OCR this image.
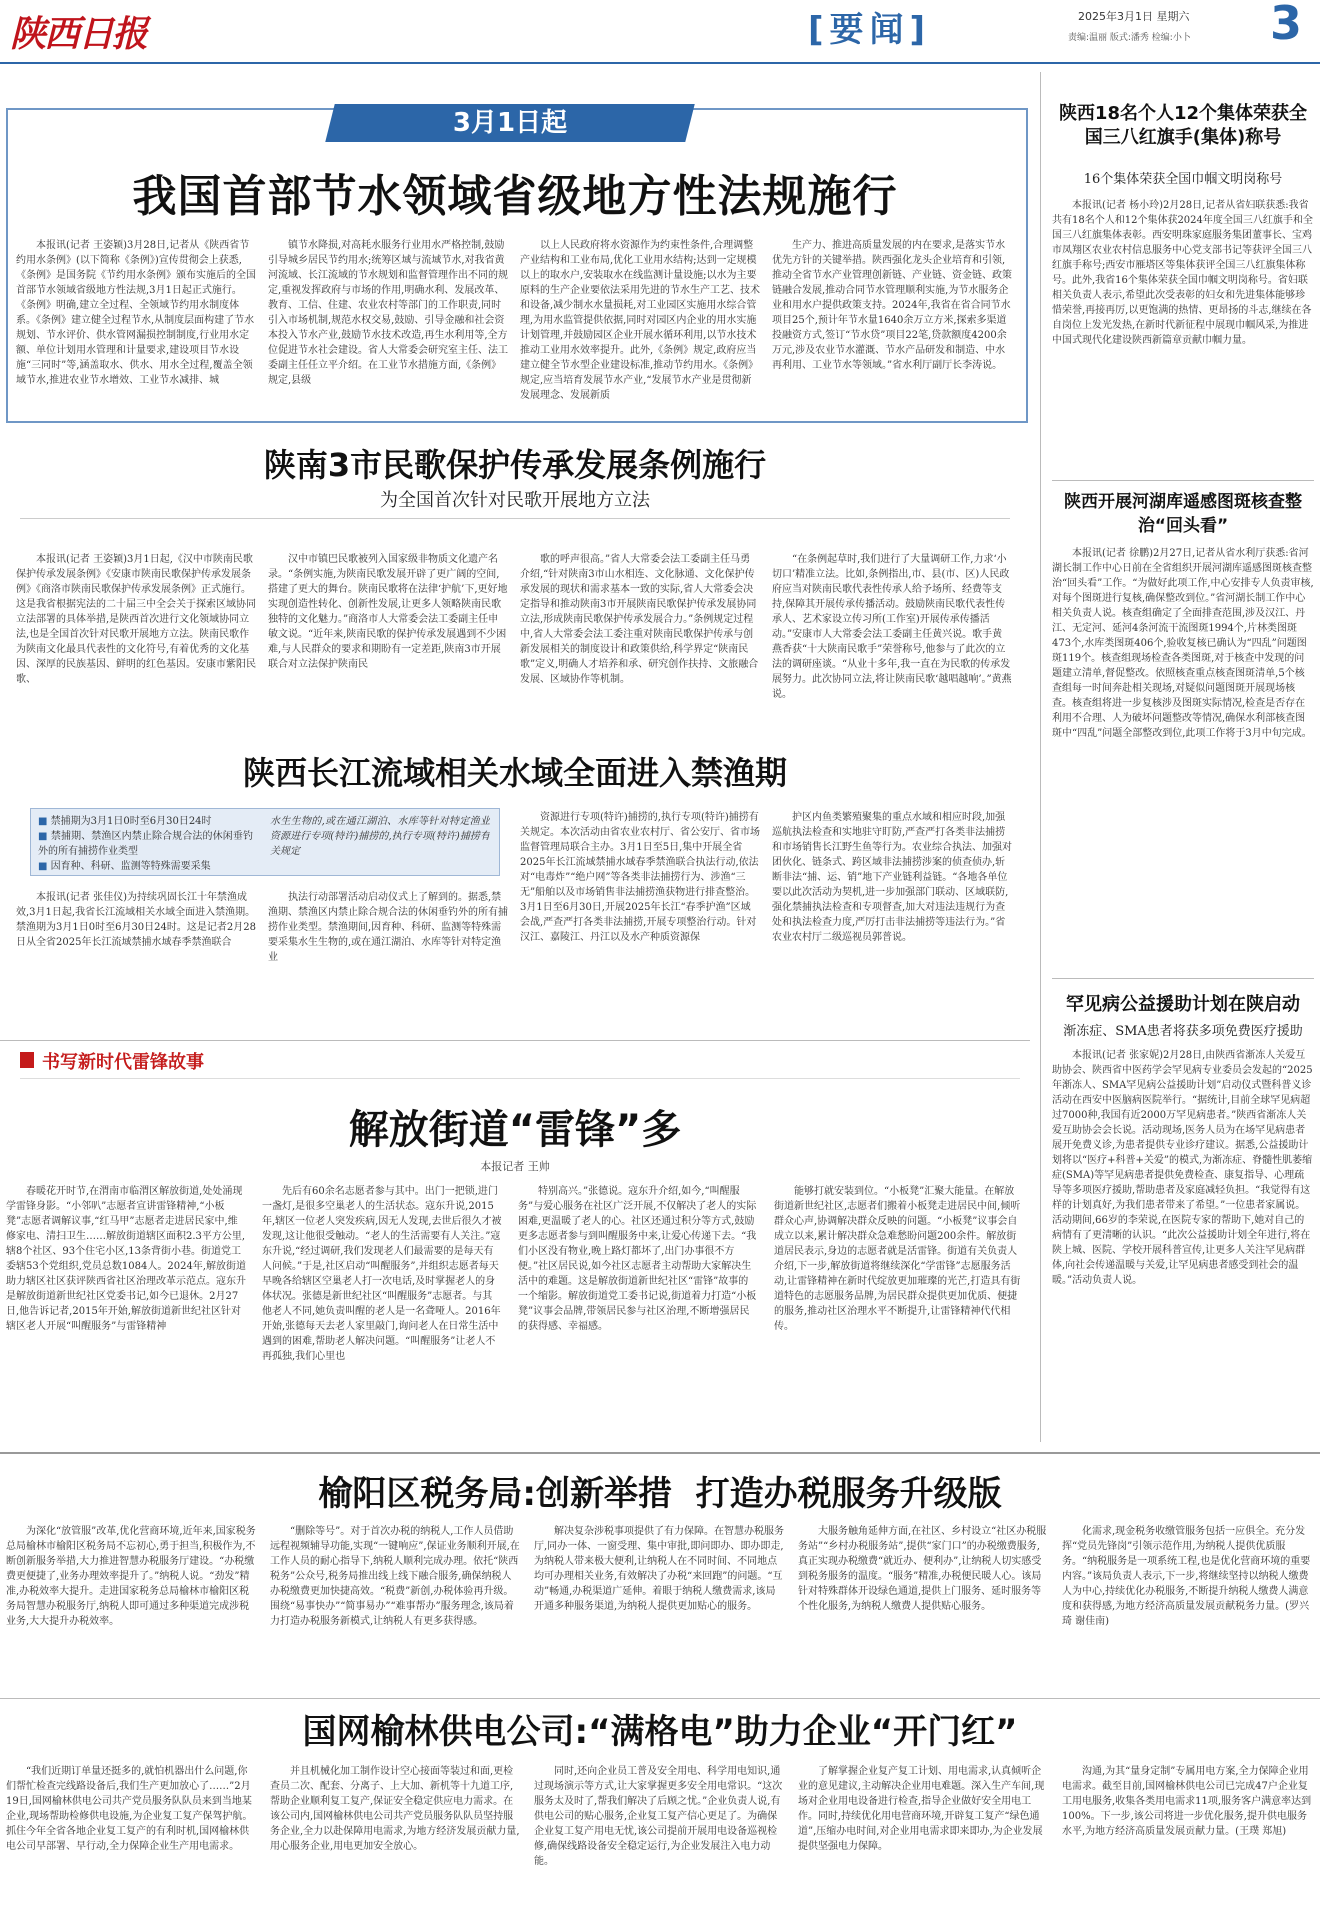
陕西日报	[要闻]	2025年3月1日 星期六
责编:温丽 版式:潘秀 检编:小卜 3
3月1日起
我国首部节水领域省级地方性法规施行
本报讯(记者 王姿颖)3月28日,记者从《陕西省节约用水条例》(以下简称《条例》)宣传贯彻会上获悉,《条例》是国务院《节约用水条例》颁布实施后的全国首部节水领域省级地方性法规,3月1日起正式施行。《条例》明确,建立全过程、全领域节约用水制度体系。《条例》建立健全过程节水,从制度层面构建了节水规划、节水评价、供水管网漏损控制制度,行业用水定额、单位计划用水管理和计量要求,建设项目节水设施“三同时”等,涵盖取水、供水、用水全过程,覆盖全领域节水,推进农业节水增效、工业节水减排、城
镇节水降损,对高耗水服务行业用水严格控制,鼓励引导城乡居民节约用水;统筹区域与流域节水,对我省黄河流域、长江流域的节水规划和监督管理作出不同的规定,重视发挥政府与市场的作用,明确水利、发展改革、教育、工信、住建、农业农村等部门的工作职责,同时引入市场机制,规范水权交易,鼓励、引导金融和社会资本投入节水产业,鼓励节水技术改造,再生水利用等,全方位促进节水社会建设。省人大常委会研究室主任、法工委副主任任立平介绍。在工业节水措施方面,《条例》规定,县级
以上人民政府将水资源作为约束性条件,合理调整产业结构和工业布局,优化工业用水结构;达到一定规模以上的取水户,安装取水在线监测计量设施;以水为主要原料的生产企业要依法采用先进的节水生产工艺、技术和设备,减少制水水量损耗,对工业园区实施用水综合管理,为用水监管提供依据,同时对园区内企业的用水实施计划管理,并鼓励园区企业开展水循环利用,以节水技术推动工业用水效率提升。此外,《条例》规定,政府应当建立健全节水型企业建设标准,推动节约用水。《条例》规定,应当培育发展节水产业,“发展节水产业是贯彻新发展理念、发展新质
生产力、推进高质量发展的内在要求,是落实节水优先方针的关键举措。陕西强化龙头企业培育和引领,推动全省节水产业管理创新链、产业链、资金链、政策链融合发展,推动合同节水管理顺利实施,为节水服务企业和用水户提供政策支持。2024年,我省在省合同节水项目25个,预计年节水量1640余万立方米,探索多渠道投融资方式,签订“节水贷”项目22笔,贷款额度4200余万元,涉及农业节水灌溉、节水产品研发和制造、中水再利用、工业节水等领域。”省水利厅副厅长李涛说。
陕南3市民歌保护传承发展条例施行
为全国首次针对民歌开展地方立法
本报讯(记者 王姿颖)3月1日起,《汉中市陕南民歌保护传承发展条例》《安康市陕南民歌保护传承发展条例》《商洛市陕南民歌保护传承发展条例》正式施行。这是我省根据宪法的二十届三中全会关于探索区域协同立法部署的具体举措,是陕西首次进行文化领域协同立法,也是全国首次针对民歌开展地方立法。陕南民歌作为陕南文化最具代表性的文化符号,有着优秀的文化基因、深厚的民族基因、鲜明的红色基因。安康市紫阳民歌、
汉中市镇巴民歌被列入国家级非物质文化遗产名录。“条例实施,为陕南民歌发展开辟了更广阔的空间,搭建了更大的舞台。陕南民歌将在法律‘护航’下,更好地实现创造性转化、创新性发展,让更多人领略陕南民歌独特的文化魅力。”商洛市人大常委会法工委副主任申敏文说。“近年来,陕南民歌的保护传承发展遇到不少困难,与人民群众的要求和期盼有一定差距,陕南3市开展联合对立法保护陕南民
歌的呼声很高。”省人大常委会法工委副主任马勇介绍,“针对陕南3市山水相连、文化脉通、文化保护传承发展的现状和需求基本一致的实际,省人大常委会决定指导和推动陕南3市开展陕南民歌保护传承发展协同立法,形成陕南民歌保护传承发展合力。”条例规定过程中,省人大常委会法工委注重对陕南民歌保护传承与创新发展相关的制度设计和政策供给,科学界定“陕南民歌”定义,明确人才培养和承、研究创作扶持、文旅融合发展、区域协作等机制。
“在条例起草时,我们进行了大量调研工作,力求‘小切口’精准立法。比如,条例指出,市、县(市、区)人民政府应当对陕南民歌代表性传承人给予场所、经费等支持,保障其开展传承传播活动。鼓励陕南民歌代表性传承人、艺术家设立传习所(工作室)开展传承传播活动。”安康市人大常委会法工委副主任黄兴说。歌手黄燕香获“十大陕南民歌手”荣誉称号,他参与了此次的立法的调研座谈。“从业十多年,我一直在为民歌的传承发展努力。此次协同立法,将让陕南民歌‘越唱越响’。”黄燕说。
陕西长江流域相关水域全面进入禁渔期
■ 禁捕期为3月1日0时至6月30日24时
■ 禁捕期、禁渔区内禁止除合规合法的休闲垂钓外的所有捕捞作业类型
■ 因育种、科研、监测等特殊需要采集
水生生物的,或在通江湖泊、水库等针对特定渔业资源进行专项(特许)捕捞的,执行专项(特许)捕捞有关规定
本报讯(记者 张佳仪)为持续巩固长江十年禁渔成效,3月1日起,我省长江流域相关水域全面进入禁渔期。禁渔期为3月1日0时至6月30日24时。这是记者2月28日从全省2025年长江流域禁捕水域春季禁渔联合
执法行动部署活动启动仪式上了解到的。据悉,禁渔期、禁渔区内禁止除合规合法的休闲垂钓外的所有捕捞作业类型。禁渔期间,因育种、科研、监测等特殊需要采集水生生物的,或在通江湖泊、水库等针对特定渔业
资源进行专项(特许)捕捞的,执行专项(特许)捕捞有关规定。本次活动由省农业农村厅、省公安厅、省市场监督管理局联合主办。3月1日至5日,集中开展全省2025年长江流域禁捕水域春季禁渔联合执法行动,依法对“电毒炸”“绝户网”等各类非法捕捞行为、涉渔“三无”船舶以及市场销售非法捕捞渔获物进行排查整治。3月1日至6月30日,开展2025年长江“春季护渔”区域会战,严查严打各类非法捕捞,开展专项整治行动。针对汉江、嘉陵江、丹江以及水产种质资源保
护区内鱼类繁殖聚集的重点水域和相应时段,加强巡航执法检查和实地驻守盯防,严查严打各类非法捕捞和市场销售长江野生鱼等行为。农业综合执法、加强对团伙化、链条式、跨区域非法捕捞涉案的侦查侦办,斩断非法“捕、运、销”地下产业链利益链。“各地各单位要以此次活动为契机,进一步加强部门联动、区域联防,强化禁捕执法检查和专项督查,加大对违法违规行为查处和执法检查力度,严厉打击非法捕捞等违法行为。”省农业农村厅二级巡视员郭普说。
书写新时代雷锋故事
解放街道“雷锋”多
本报记者 王帅
春暖花开时节,在渭南市临渭区解放街道,处处涌现学雷锋身影。“小邻叭”志愿者宣讲雷锋精神,“小板凳”志愿者调解议事,“红马甲”志愿者走进居民家中,维修家电、清扫卫生……解放街道辖区面积2.3平方公里,辖8个社区、93个住宅小区,13条背街小巷。街道党工委辖53个党组织,党员总数1084人。2024年,解放街道助力辖区社区获评陕西省社区治理改革示范点。寇东升是解放街道新世纪社区党委书记,如今已退休。2月27日,他告诉记者,2015年开始,解放街道新世纪社区针对辖区老人开展“叫醒服务”与雷锋精神
先后有60余名志愿者参与其中。出门一把锁,进门一盏灯,是很多空巢老人的生活状态。寇东升说,2015年,辖区一位老人突发疾病,因无人发现,去世后很久才被发现,这让他很受触动。“老人的生活需要有人关注。”寇东升说,“经过调研,我们发现老人们最需要的是每天有人问候。”于是,社区启动“叫醒服务”,并组织志愿者每天早晚各给辖区空巢老人打一次电话,及时掌握老人的身体状况。张德是新世纪社区“叫醒服务”志愿者。与其他老人不同,她负责叫醒的老人是一名聋哑人。2016年开始,张德每天去老人家里敲门,询问老人在日常生活中遇到的困难,帮助老人解决问题。“叫醒服务”让老人不再孤独,我们心里也
特别高兴。”张德说。寇东升介绍,如今,“叫醒服务”与爱心服务在社区广泛开展,不仅解决了老人的实际困难,更温暖了老人的心。社区还通过积分等方式,鼓励更多志愿者参与到叫醒服务中来,让爱心传递下去。“我们小区没有物业,晚上路灯都坏了,出门办事很不方便。”社区居民说,如今社区志愿者主动帮助大家解决生活中的难题。这是解放街道新世纪社区“雷锋”故事的一个缩影。解放街道党工委书记说,街道着力打造“小板凳”议事会品牌,带领居民参与社区治理,不断增强居民的获得感、幸福感。
能够打就安装到位。“小板凳”汇聚大能量。在解放街道新世纪社区,志愿者们搬着小板凳走进居民中间,倾听群众心声,协调解决群众反映的问题。“小板凳”议事会自成立以来,累计解决群众急难愁盼问题200余件。解放街道居民表示,身边的志愿者就是活雷锋。街道有关负责人介绍,下一步,解放街道将继续深化“学雷锋”志愿服务活动,让雷锋精神在新时代绽放更加璀璨的光芒,打造具有街道特色的志愿服务品牌,为居民群众提供更加优质、便捷的服务,推动社区治理水平不断提升,让雷锋精神代代相传。
陕西18名个人12个集体荣获全国三八红旗手(集体)称号
16个集体荣获全国巾帼文明岗称号
本报讯(记者 杨小玲)2月28日,记者从省妇联获悉:我省共有18名个人和12个集体获2024年度全国三八红旗手和全国三八红旗集体表彰。西安明珠家庭服务集团董事长、宝鸡市凤翔区农业农村信息服务中心党支部书记等获评全国三八红旗手称号;西安市雁塔区等集体获评全国三八红旗集体称号。此外,我省16个集体荣获全国巾帼文明岗称号。省妇联相关负责人表示,希望此次受表彰的妇女和先进集体能够珍惜荣誉,再接再厉,以更饱满的热情、更昂扬的斗志,继续在各自岗位上发光发热,在新时代新征程中展现巾帼风采,为推进中国式现代化建设陕西新篇章贡献巾帼力量。
陕西开展河湖库遥感图斑核查整治“回头看”
本报讯(记者 徐鹏)2月27日,记者从省水利厅获悉:省河湖长制工作中心日前在全省组织开展河湖库遥感图斑核查整治“回头看”工作。“为做好此项工作,中心安排专人负责审核,对每个图斑进行复核,确保整改到位。”省河湖长制工作中心相关负责人说。核查组确定了全面排查范围,涉及汉江、丹江、无定河、延河4条河流干流图斑1994个,片林类图斑473个,水库类图斑406个,验收复核已确认为“四乱”问题图斑119个。核查组现场检查各类图斑,对于核查中发现的问题建立清单,督促整改。依照核查重点核查图斑清单,5个核查组每一时间奔赴相关现场,对疑似问题图斑开展现场核查。核查组将进一步复核涉及图斑实际情况,检查是否存在利用不合理、人为破坏问题整改等情况,确保水利部核查图斑中“四乱”问题全部整改到位,此项工作将于3月中旬完成。
罕见病公益援助计划在陕启动
渐冻症、SMA患者将获多项免费医疗援助
本报讯(记者 张家妮)2月28日,由陕西省渐冻人关爱互助协会、陕西省中医药学会罕见病专业委员会发起的“2025年渐冻人、SMA罕见病公益援助计划”启动仪式暨科普义诊活动在西安中医脑病医院举行。“据统计,目前全球罕见病超过7000种,我国有近2000万罕见病患者。”陕西省渐冻人关爱互助协会会长说。活动现场,医务人员为在场罕见病患者展开免费义诊,为患者提供专业诊疗建议。据悉,公益援助计划将以“医疗+科普+关爱”的模式,为渐冻症、脊髓性肌萎缩症(SMA)等罕见病患者提供免费检查、康复指导、心理疏导等多项医疗援助,帮助患者及家庭减轻负担。“我觉得有这样的计划真好,为我们患者带来了希望。”一位患者家属说。活动期间,66岁的李荣说,在医院专家的帮助下,她对自己的病情有了更清晰的认识。“此次公益援助计划全年进行,将在陕上城、医院、学校开展科普宣传,让更多人关注罕见病群体,向社会传递温暖与关爱,让罕见病患者感受到社会的温暖。”活动负责人说。
榆阳区税务局:创新举措  打造办税服务升级版
为深化“放管服”改革,优化营商环境,近年来,国家税务总局榆林市榆阳区税务局不忘初心,勇于担当,积极作为,不断创新服务举措,大力推进智慧办税服务厅建设。“办税缴费更便捷了,业务办理效率提升了。”纳税人说。“劲发”精准,办税效率大提升。走进国家税务总局榆林市榆阳区税务局智慧办税服务厅,纳税人即可通过多种渠道完成涉税业务,大大提升办税效率。
“删除等号”。对于首次办税的纳税人,工作人员借助远程视频辅导功能,实现“一键响应”,保证业务顺利开展,在工作人员的耐心指导下,纳税人顺利完成办理。依托“陕西税务”公众号,税务局推出线上线下融合服务,确保纳税人办税缴费更加快捷高效。“税费”新创,办税体验再升级。围绕“易事快办”“简事易办”“难事帮办”服务理念,该局着力打造办税服务新模式,让纳税人有更多获得感。
解决复杂涉税事项提供了有力保障。在智慧办税服务厅,同办一体、一窗受理、集中审批,即问即办、即办即走,为纳税人带来极大便利,让纳税人在不同时间、不同地点均可办理相关业务,有效解决了办税“来回跑”的问题。“互动”畅通,办税渠道广延伸。着眼于纳税人缴费需求,该局开通多种服务渠道,为纳税人提供更加贴心的服务。
大服务触角延伸方面,在社区、乡村设立“社区办税服务站”“乡村办税服务站”,提供“家门口”的办税缴费服务,真正实现办税缴费“就近办、便利办”,让纳税人切实感受到税务服务的温度。“服务”精准,办税便民暖人心。该局针对特殊群体开设绿色通道,提供上门服务、延时服务等个性化服务,为纳税人缴费人提供贴心服务。
化需求,现金税务收缴管服务包括一应俱全。充分发挥“党员先锋岗”引领示范作用,为纳税人提供优质服务。“纳税服务是一项系统工程,也是优化营商环境的重要内容。”该局负责人表示,下一步,将继续坚持以纳税人缴费人为中心,持续优化办税服务,不断提升纳税人缴费人满意度和获得感,为地方经济高质量发展贡献税务力量。(罗兴琦 谢佳南)
国网榆林供电公司:“满格电”助力企业“开门红”
“我们近期订单量还挺多的,就怕机器出什么问题,你们帮忙检查完线路设备后,我们生产更加放心了……”2月19日,国网榆林供电公司共产党员服务队队员来到当地某企业,现场帮助检修供电设施,为企业复工复产保驾护航。抓住今年全省各地企业复工复产的有利时机,国网榆林供电公司早部署、早行动,全力保障企业生产用电需求。
并且机械化加工制作设计空心接面等装过和面,更检查员二次、配套、分离子、上大加、新机等十九道工序,帮助企业顺利复工复产,保证安全稳定供应电力需求。在该公司内,国网榆林供电公司共产党员服务队队员坚持服务企业,全力以赴保障用电需求,为地方经济发展贡献力量,用心服务企业,用电更加安全放心。
同时,还向企业员工普及安全用电、科学用电知识,通过现场演示等方式,让大家掌握更多安全用电常识。“这次服务太及时了,帮我们解决了后顾之忧。”企业负责人说,有供电公司的贴心服务,企业复工复产信心更足了。为确保企业复工复产用电无忧,该公司提前开展用电设备巡视检修,确保线路设备安全稳定运行,为企业发展注入电力动能。
了解掌握企业复产复工计划、用电需求,认真倾听企业的意见建议,主动解决企业用电难题。深入生产车间,现场对企业用电设备进行检查,指导企业做好安全用电工作。同时,持续优化用电营商环境,开辟复工复产“绿色通道”,压缩办电时间,对企业用电需求即来即办,为企业发展提供坚强电力保障。
沟通,为其“量身定制”专属用电方案,全力保障企业用电需求。截至目前,国网榆林供电公司已完成47户企业复工用电服务,收集各类用电需求11项,服务客户满意率达到100%。下一步,该公司将进一步优化服务,提升供电服务水平,为地方经济高质量发展贡献力量。(王璞 郑旭)
